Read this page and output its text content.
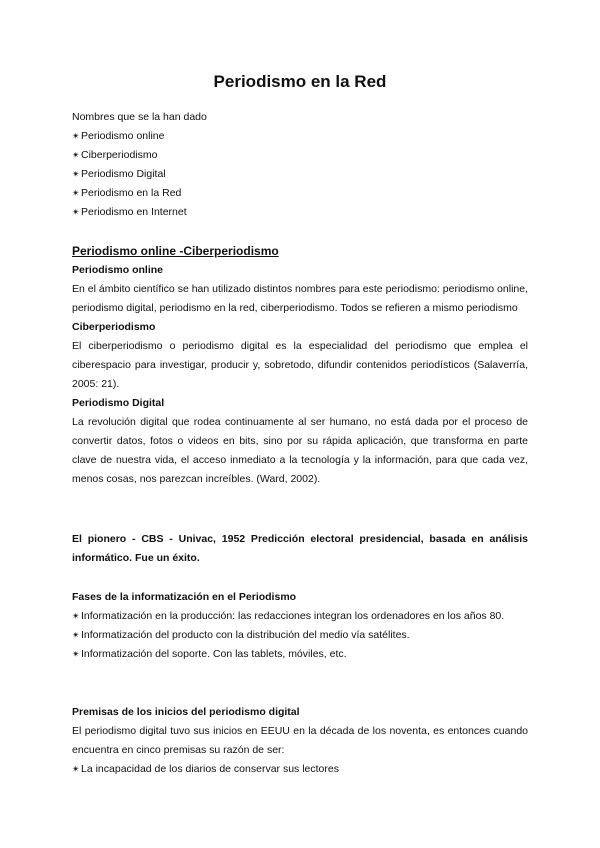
Periodismo en la Red

Nombres que se la han dado

✴ Periodismo online
✴ Ciberperiodismo
✴ Periodismo Digital
✴ Periodismo en la Red
✴ Periodismo en Internet

Periodismo online -Ciberperiodismo

Periodismo online

En el ámbito científico se han utilizado distintos nombres para este periodismo: periodismo online, periodismo digital, periodismo en la red, ciberperiodismo. Todos se refieren a mismo periodismo

Ciberperiodismo

El ciberperiodismo o periodismo digital es la especialidad del periodismo que emplea el ciberespacio para investigar, producir y, sobretodo, difundir contenidos periodísticos (Salaverría, 2005: 21).

Periodismo Digital

La revolución digital que rodea continuamente al ser humano, no está dada por el proceso de convertir datos, fotos o videos en bits, sino por su rápida aplicación, que transforma en parte clave de nuestra vida, el acceso inmediato a la tecnología y la información, para que cada vez, menos cosas, nos parezcan increíbles. (Ward, 2002).

El pionero - CBS - Univac, 1952 Predicción electoral presidencial, basada en análisis informático. Fue un éxito.

Fases de la informatización en el Periodismo

✴ Informatización en la producción: las redacciones integran los ordenadores en los años 80.
✴ Informatización del producto con la distribución del medio vía satélites.
✴ Informatización del soporte. Con las tablets, móviles, etc.

Premisas de los inicios del periodismo digital

El periodismo digital tuvo sus inicios en EEUU en la década de los noventa, es entonces cuando encuentra en cinco premisas su razón de ser:

✴ La incapacidad de los diarios de conservar sus lectores
